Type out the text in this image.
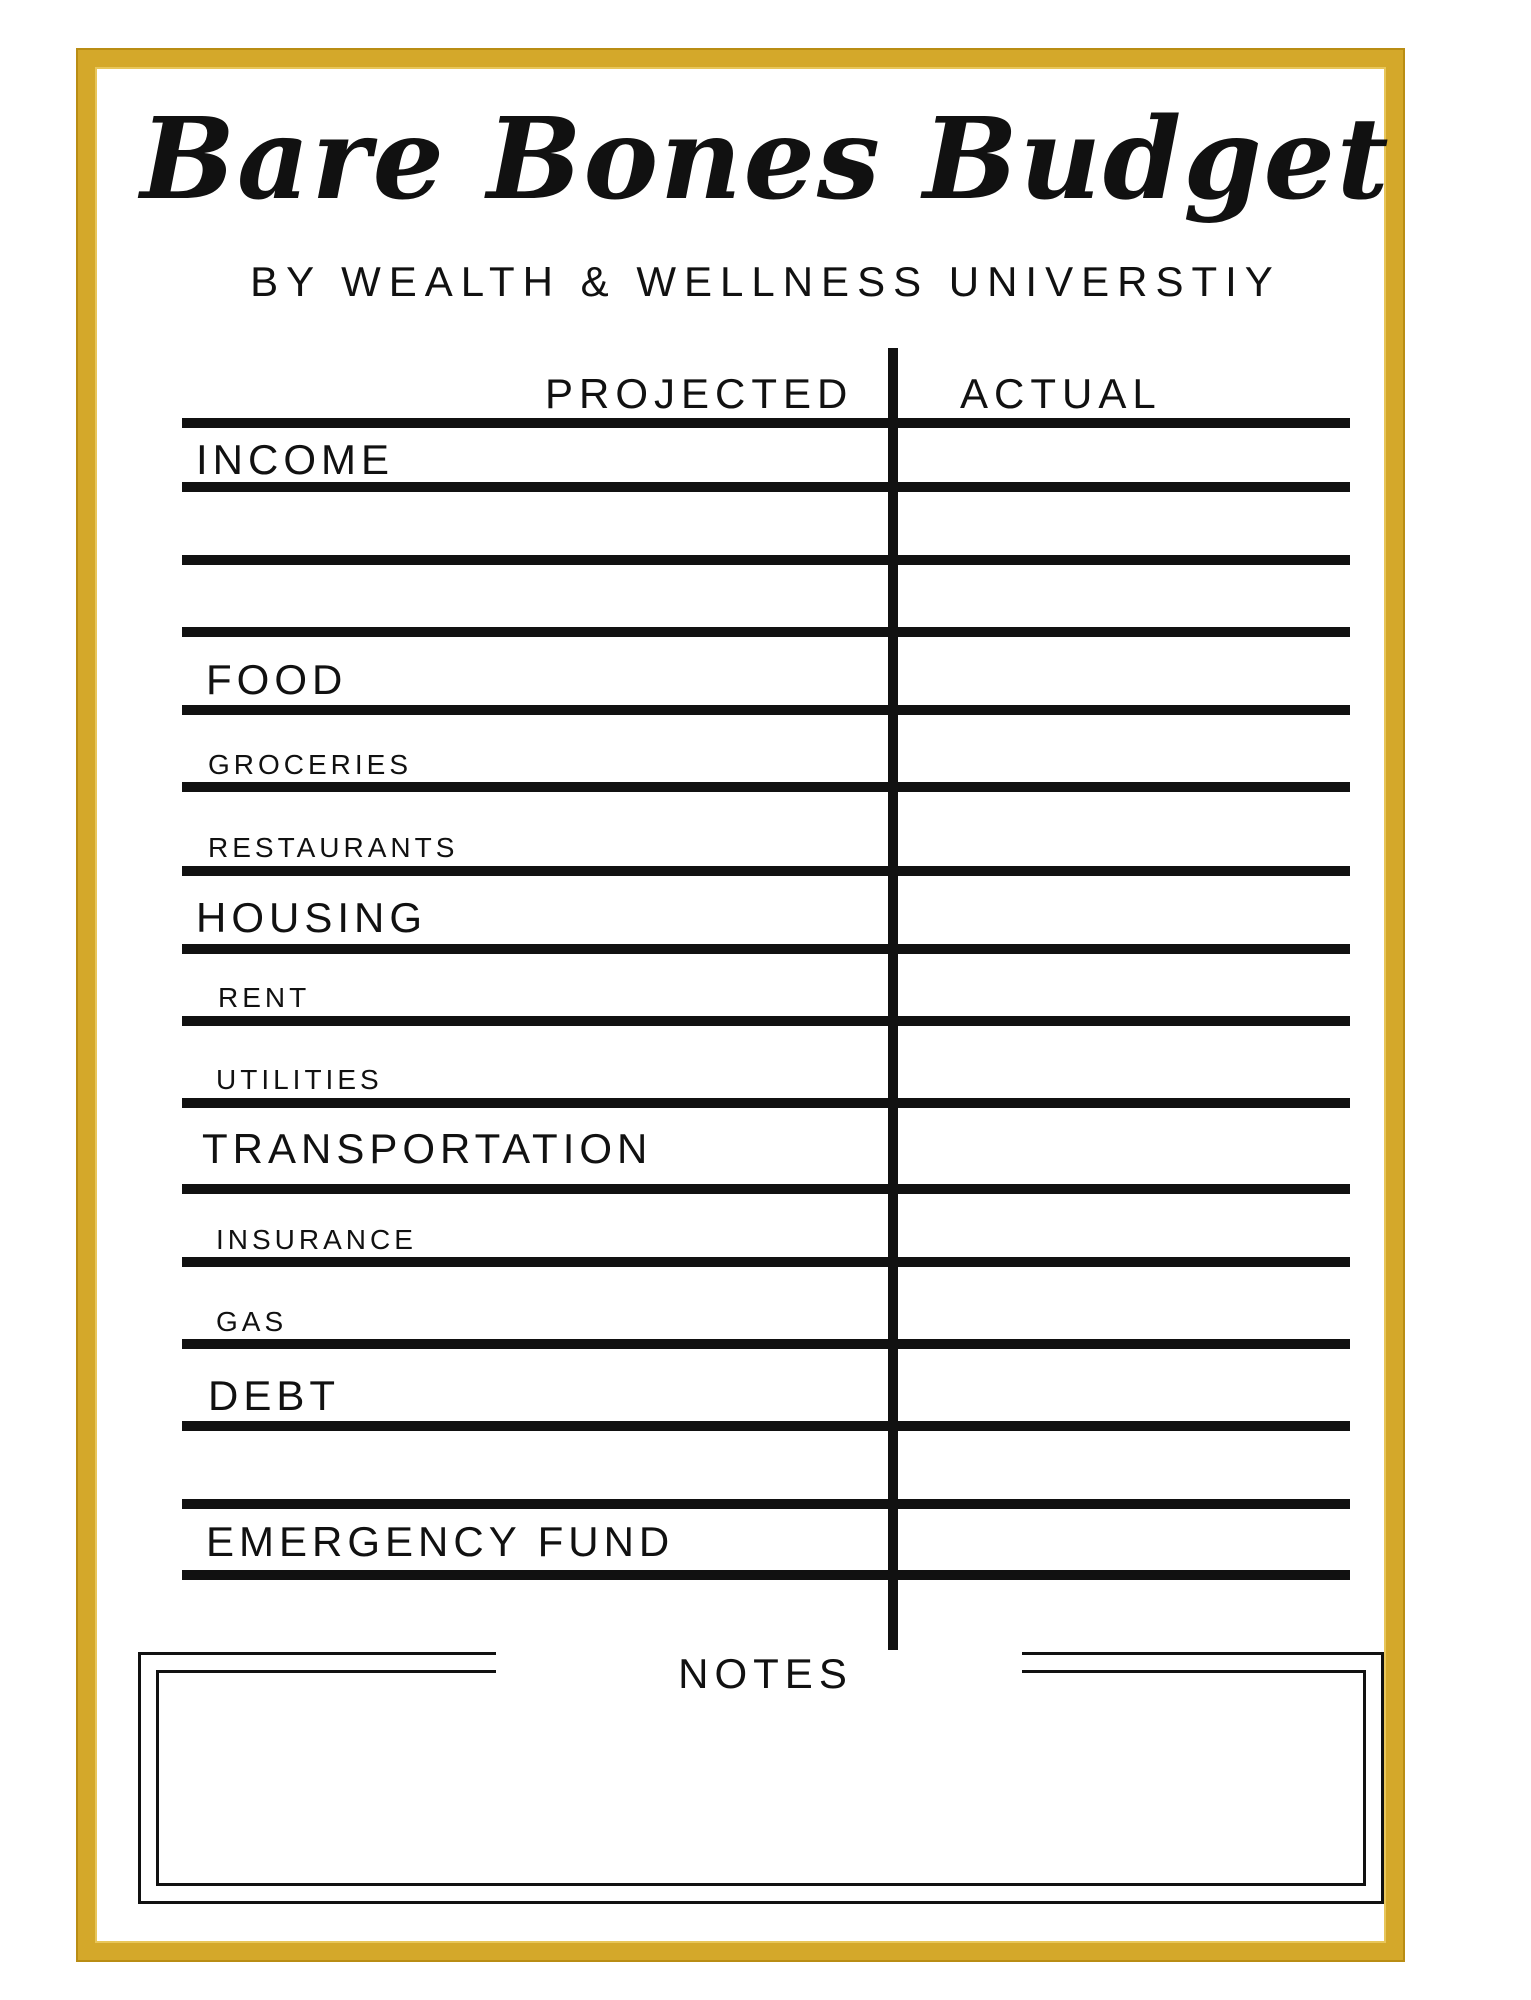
Bare Bones Budget
BY WEALTH & WELLNESS UNIVERSTIY
PROJECTED	ACTUAL
INCOME
FOOD
GROCERIES
RESTAURANTS
HOUSING
RENT
UTILITIES
TRANSPORTATION
INSURANCE
GAS
DEBT
EMERGENCY FUND
NOTES
